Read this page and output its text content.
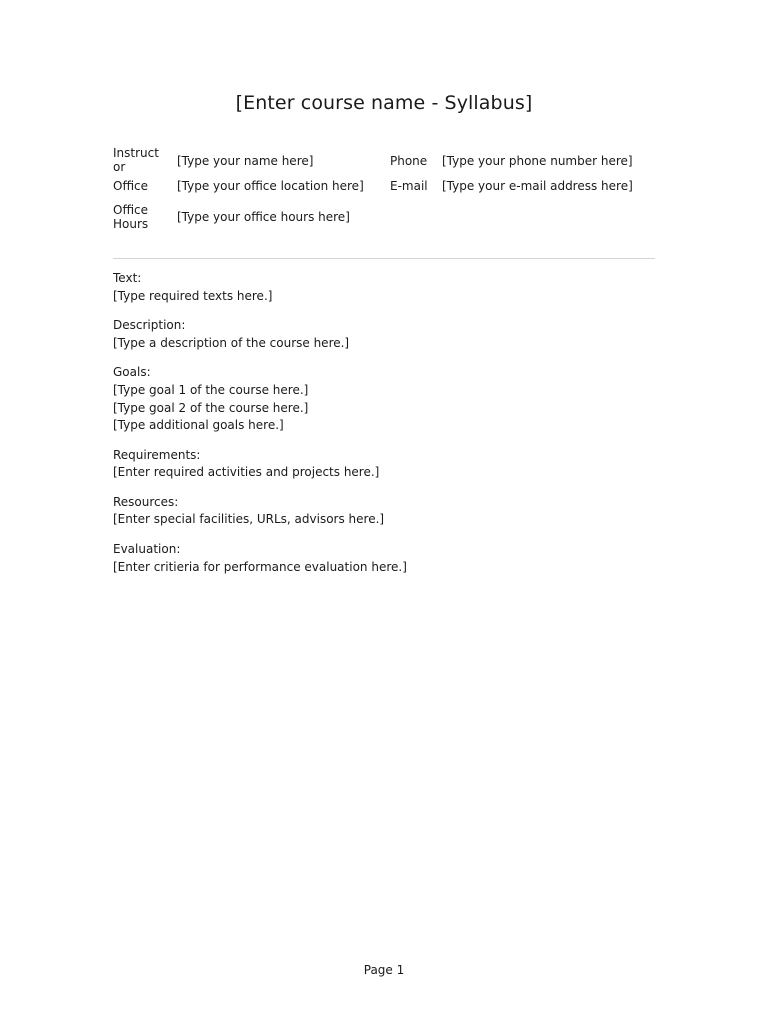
[Enter course name - Syllabus]
Instruct or	[Type your name here]	Phone [Type your phone number here]
Office	[Type your office location here] E-mail [Type your e-mail address here]
Office Hours	[Type your office hours here]
Text:
[Type required texts here.]
Description:
[Type a description of the course here.]
Goals:
[Type goal 1 of the course here.]
[Type goal 2 of the course here.]
[Type additional goals here.]
Requirements:
[Enter required activities and projects here.]
Resources:
[Enter special facilities, URLs, advisors here.]
Evaluation:
[Enter critieria for performance evaluation here.]
Page 1
